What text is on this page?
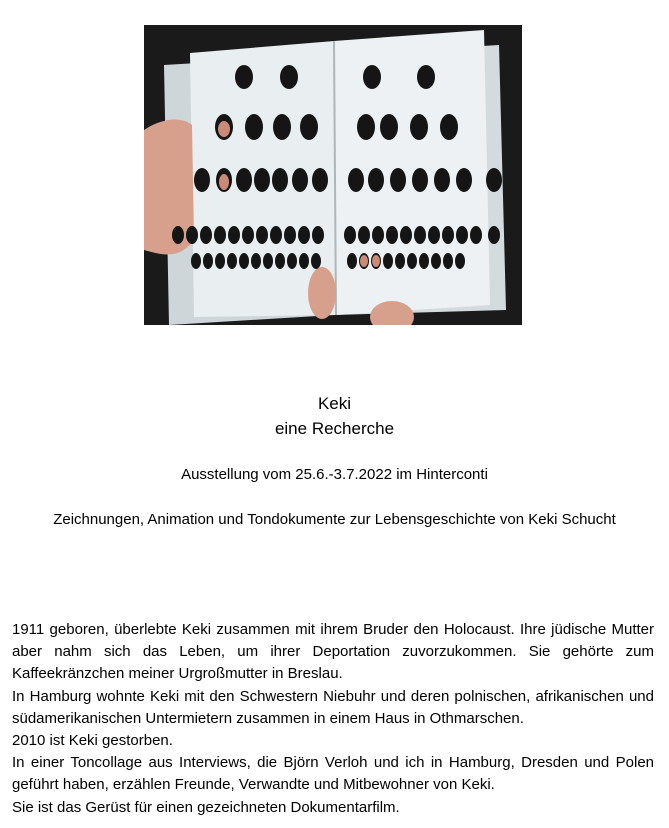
Keki
eine Recherche
Ausstellung vom 25.6.-3.7.2022 im Hinterconti
Zeichnungen, Animation und Tondokumente zur Lebensgeschichte von Keki Schucht

1911 geboren, überlebte Keki zusammen mit ihrem Bruder den Holocaust. Ihre jüdische Mutter aber nahm sich das Leben, um ihrer Deportation zuvorzukommen. Sie gehörte zum Kaffeekränzchen meiner Urgroßmutter in Breslau.

In Hamburg wohnte Keki mit den Schwestern Niebuhr und deren polnischen, afrikanischen und südamerikanischen Untermietern zusammen in einem Haus in Othmarschen.

2010 ist Keki gestorben.

In einer Toncollage aus Interviews, die Björn Verloh und ich in Hamburg, Dresden und Polen geführt haben, erzählen Freunde, Verwandte und Mitbewohner von Keki.

Sie ist das Gerüst für einen gezeichneten Dokumentarfilm.
